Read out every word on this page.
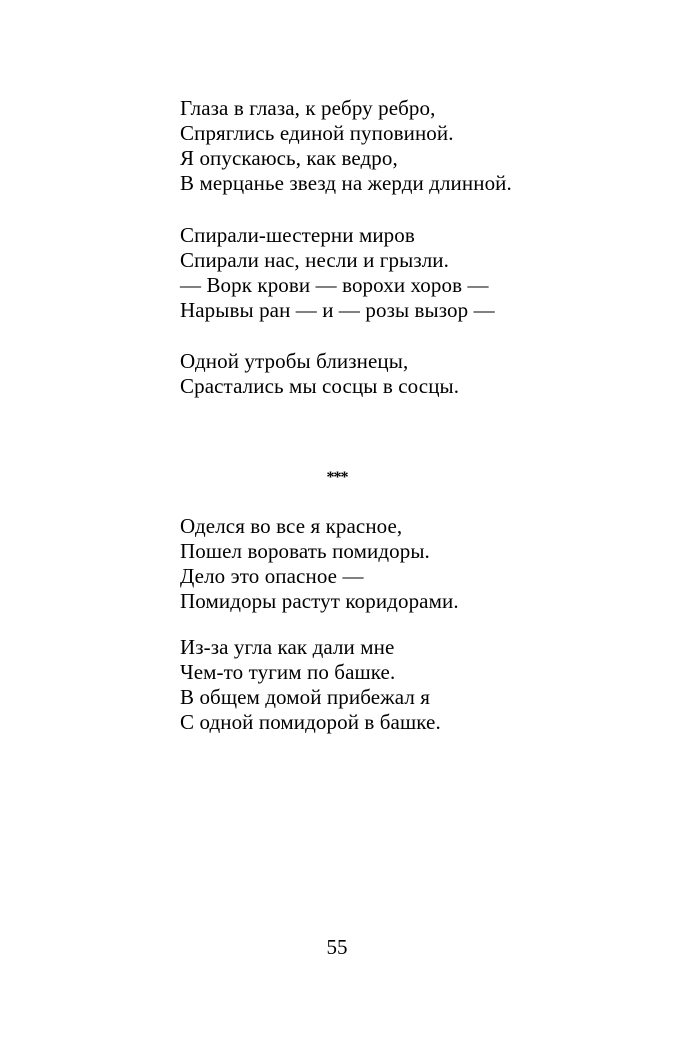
Глаза в глаза, к ребру ребро,
Спряглись единой пуповиной.
Я опускаюсь, как ведро,
В мерцанье звезд на жерди длинной.
Спирали-шестерни миров
Спирали нас, несли и грызли.
— Ворк крови — ворохи хоров —
Нарывы ран — и — розы вызор —
Одной утробы близнецы,
Срастались мы сосцы в сосцы.
***
Оделся во все я красное,
Пошел воровать помидоры.
Дело это опасное —
Помидоры растут коридорами.
Из-за угла как дали мне
Чем-то тугим по башке.
В общем домой прибежал я
С одной помидорой в башке.
55
